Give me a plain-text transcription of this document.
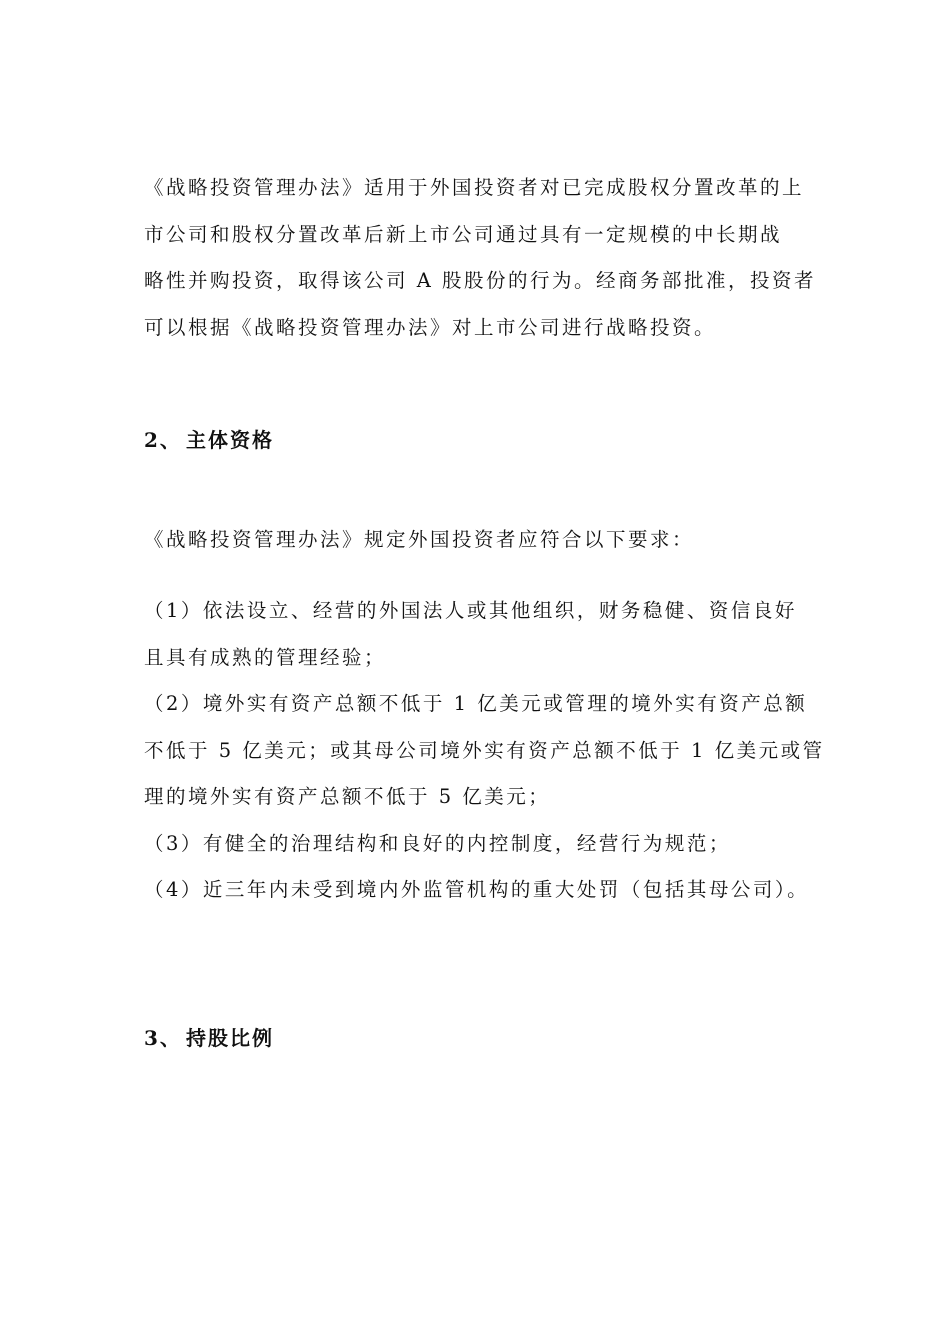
《战略投资管理办法》适用于外国投资者对已完成股权分置改革的上
市公司和股权分置改革后新上市公司通过具有一定规模的中长期战
略性并购投资，取得该公司 A 股股份的行为。经商务部批准，投资者
可以根据《战略投资管理办法》对上市公司进行战略投资。
2、 主体资格
《战略投资管理办法》规定外国投资者应符合以下要求：
（1）依法设立、经营的外国法人或其他组织，财务稳健、资信良好
且具有成熟的管理经验；
（2）境外实有资产总额不低于 1 亿美元或管理的境外实有资产总额
不低于 5 亿美元；或其母公司境外实有资产总额不低于 1 亿美元或管
理的境外实有资产总额不低于 5 亿美元；
（3）有健全的治理结构和良好的内控制度，经营行为规范；
（4）近三年内未受到境内外监管机构的重大处罚（包括其母公司）。
3、 持股比例
